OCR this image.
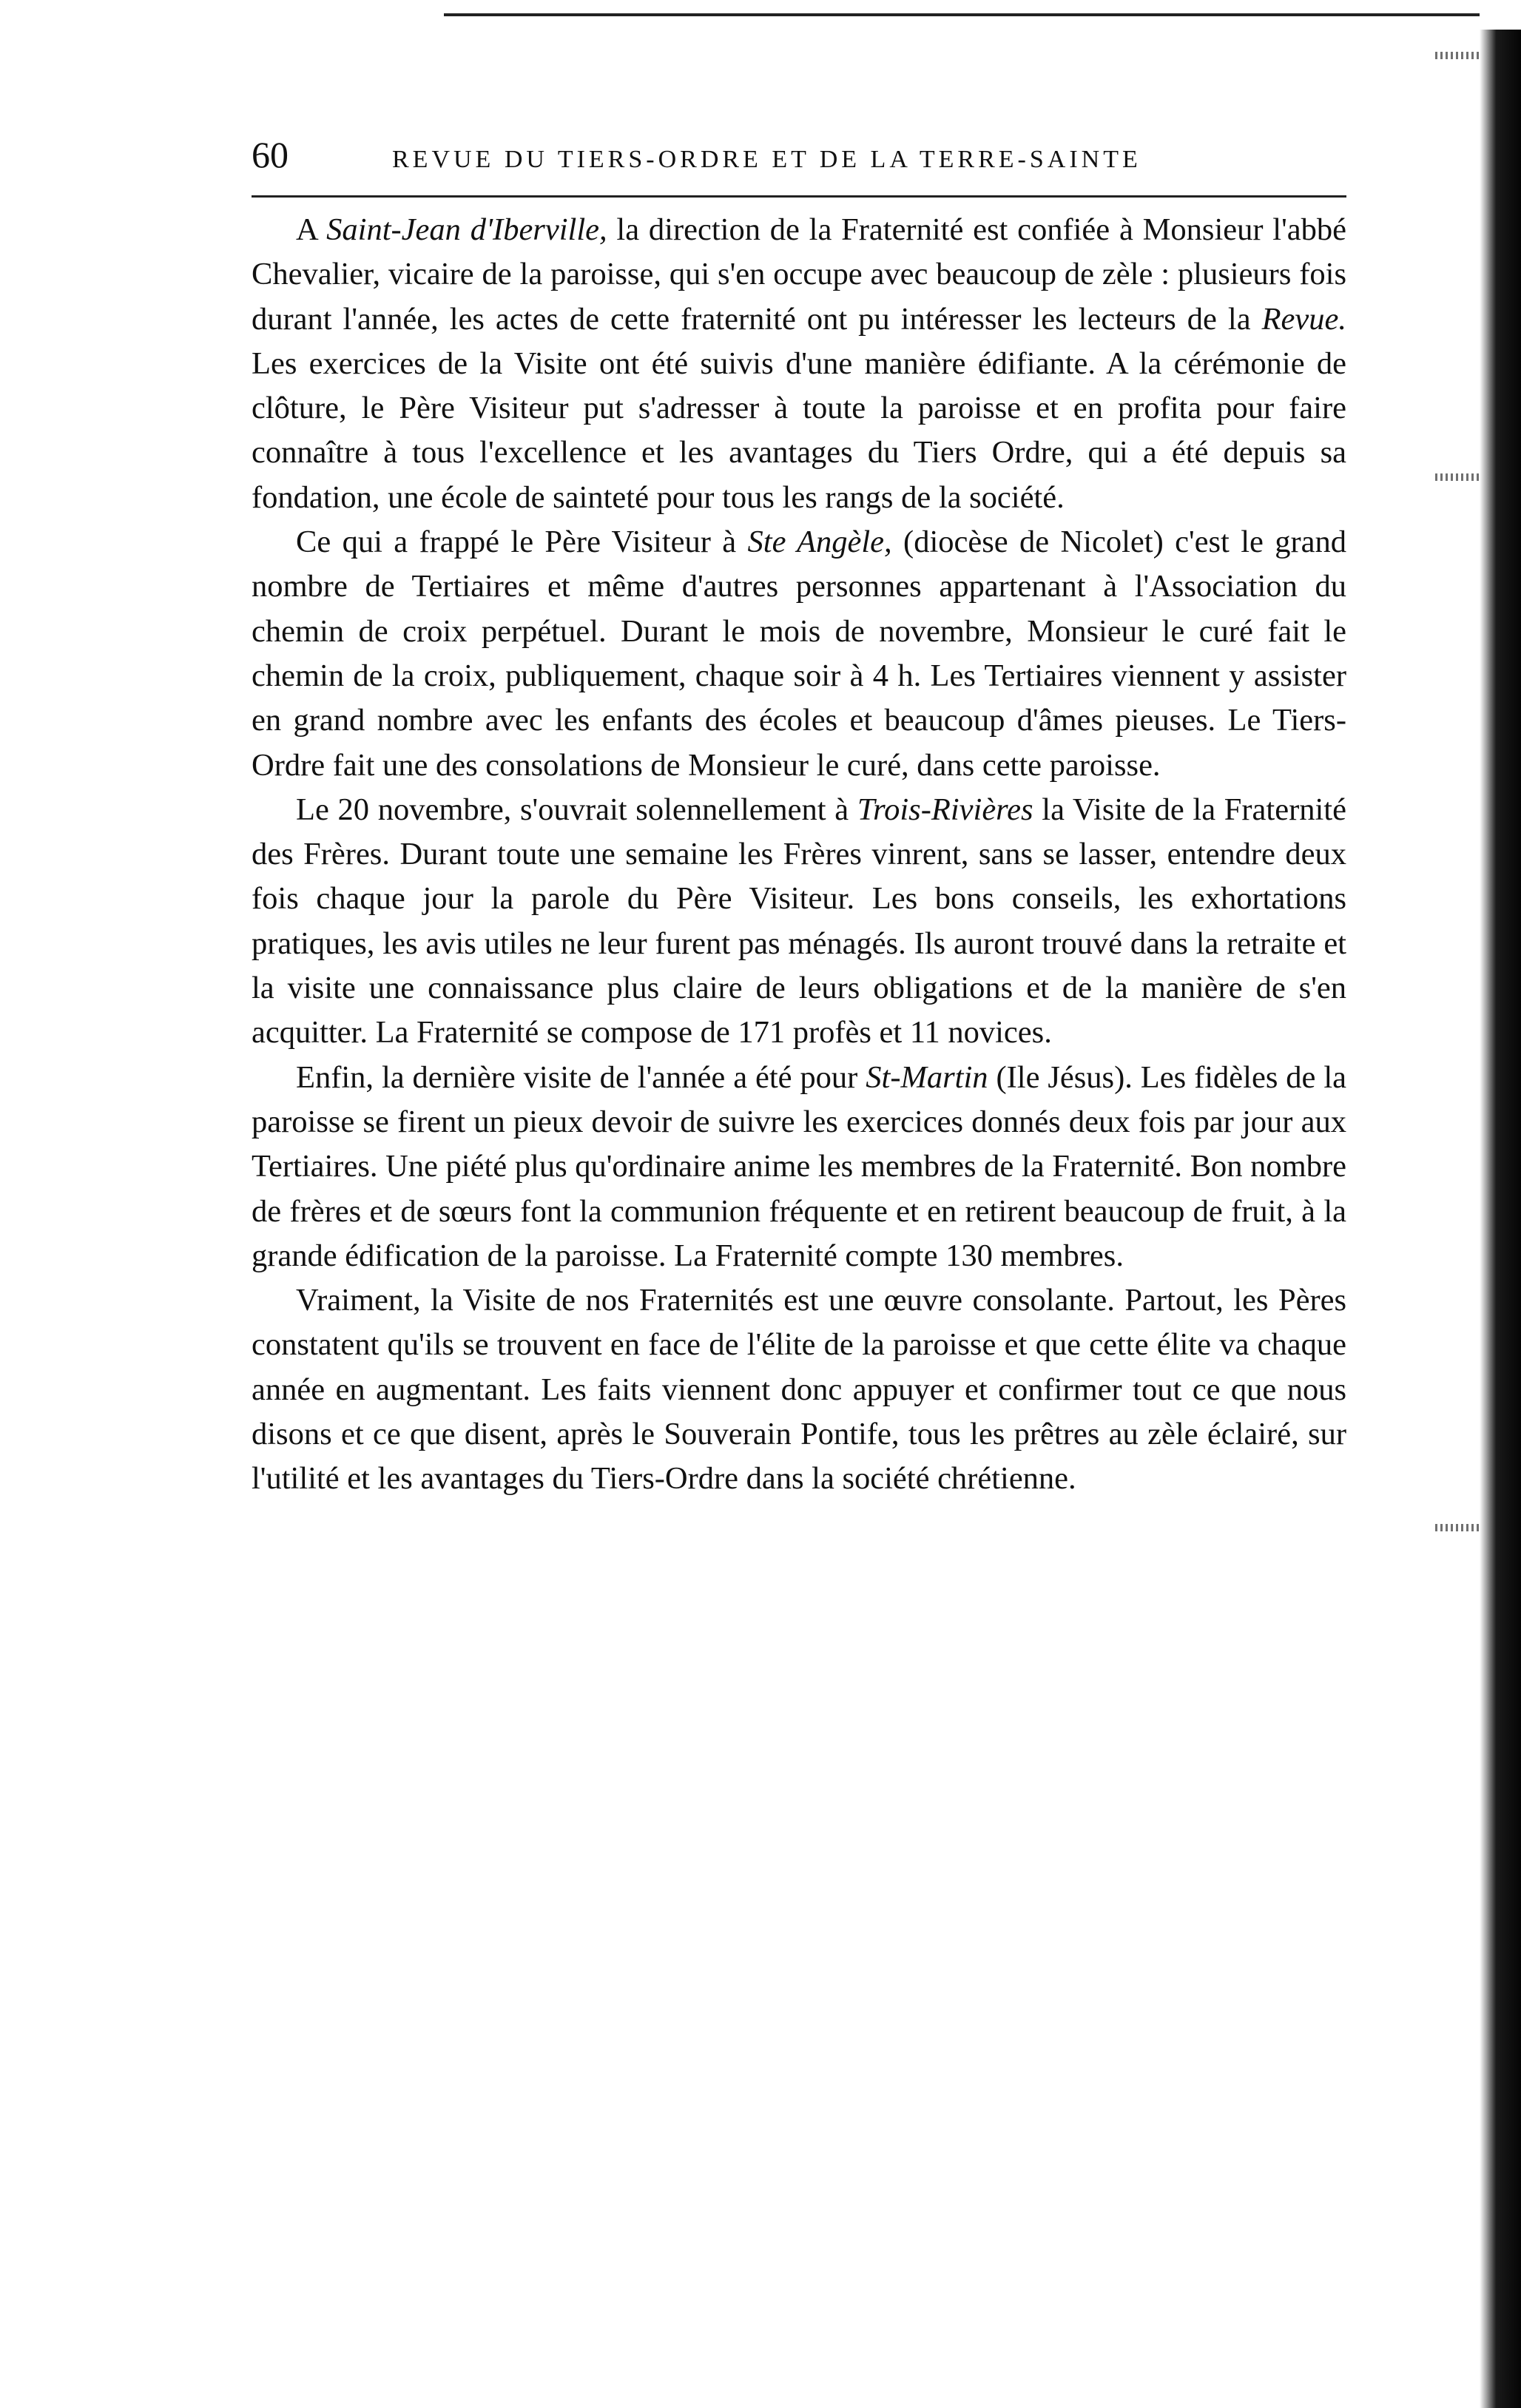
60	REVUE DU TIERS-ORDRE ET DE LA TERRE-SAINTE

A Saint-Jean d'Iberville, la direction de la Fraternité est confiée à Monsieur l'abbé Chevalier, vicaire de la paroisse, qui s'en occupe avec beaucoup de zèle : plusieurs fois durant l'année, les actes de cette fraternité ont pu intéresser les lecteurs de la Revue. Les exercices de la Visite ont été suivis d'une manière édifiante. A la cérémonie de clôture, le Père Visiteur put s'adresser à toute la paroisse et en profita pour faire connaître à tous l'excellence et les avantages du Tiers Ordre, qui a été depuis sa fondation, une école de sainteté pour tous les rangs de la société.

Ce qui a frappé le Père Visiteur à Ste Angèle, (diocèse de Nicolet) c'est le grand nombre de Tertiaires et même d'autres personnes appartenant à l'Association du chemin de croix perpétuel. Durant le mois de novembre, Monsieur le curé fait le chemin de la croix, publiquement, chaque soir à 4 h. Les Tertiaires viennent y assister en grand nombre avec les enfants des écoles et beaucoup d'âmes pieuses. Le Tiers-Ordre fait une des consolations de Monsieur le curé, dans cette paroisse.

Le 20 novembre, s'ouvrait solennellement à Trois-Rivières la Visite de la Fraternité des Frères. Durant toute une semaine les Frères vinrent, sans se lasser, entendre deux fois chaque jour la parole du Père Visiteur. Les bons conseils, les exhortations pratiques, les avis utiles ne leur furent pas ménagés. Ils auront trouvé dans la retraite et la visite une connaissance plus claire de leurs obligations et de la manière de s'en acquitter. La Fraternité se compose de 171 profès et 11 novices.

Enfin, la dernière visite de l'année a été pour St-Martin (Ile Jésus). Les fidèles de la paroisse se firent un pieux devoir de suivre les exercices donnés deux fois par jour aux Tertiaires. Une piété plus qu'ordinaire anime les membres de la Fraternité. Bon nombre de frères et de sœurs font la communion fréquente et en retirent beaucoup de fruit, à la grande édification de la paroisse. La Fraternité compte 130 membres.

Vraiment, la Visite de nos Fraternités est une œuvre consolante. Partout, les Pères constatent qu'ils se trouvent en face de l'élite de la paroisse et que cette élite va chaque année en augmentant. Les faits viennent donc appuyer et confirmer tout ce que nous disons et ce que disent, après le Souverain Pontife, tous les prêtres au zèle éclairé, sur l'utilité et les avantages du Tiers-Ordre dans la société chrétienne.
